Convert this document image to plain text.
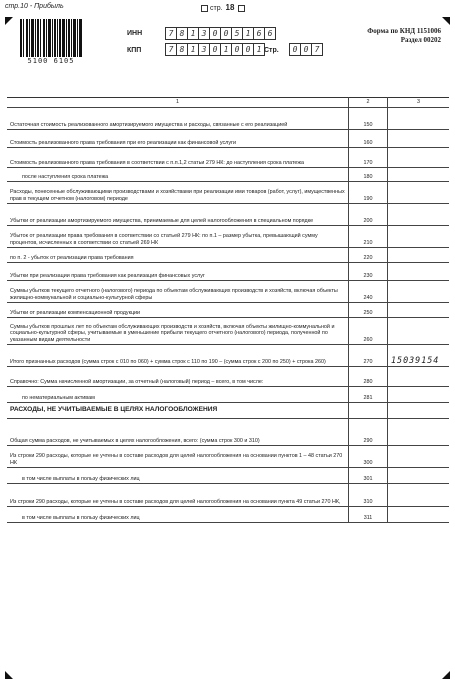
стр.10 - Прибыль	стр. 18
5100 6105
ИНН	7 8 1 3 0 0 5 1 6 6
КПП	7 8 1 3 0 1 0 0 1 Стр.	0 0 7
Форма по КНД 1151006
Раздел 00202
1	2	3
Остаточная стоимость реализованного амортизируемого имущества и расходы, связанные с его реализацией	150	
Стоимость реализованного права требования при его реализации как финансовой услуги	160	
Стоимость реализованного права требования в соответствии с п.п.1,2 статьи 279 НК: до наступления срока платежа	170	
после наступления срока платежа	180	
Расходы, понесенные обслуживающими производствами и хозяйствами при реализации ими товаров (работ, услуг), имущественных прав в текущем отчетном (налоговом) периоде	190	
Убытки от реализации амортизируемого имущества, принимаемые для целей налогообложения в специальном порядке	200	
Убыток от реализации права требования в соответствии со статьей 279 НК: по п.1 – размер убытка, превышающий сумму процентов, исчисленных в соответствии со статьей 269 НК	210	
по п. 2 - убыток от реализации права требования	220	
Убытки при реализации права требования как реализация финансовых услуг	230	
Суммы убытков текущего отчетного (налогового) периода по объектам обслуживающих производств и хозяйств, включая объекты жилищно-коммунальной и социально-культурной сферы	240	
Убытки от реализации компенсационной продукции	250	
Суммы убытков прошлых лет по объектам обслуживающих производств и хозяйств, включая объекты жилищно-коммунальной и социально-культурной сферы, учитываемые в уменьшение прибыли текущего отчетного (налогового) периода, полученной по указанным видам деятельности	260	
Итого признанных расходов (сумма строк с 010 по 060) + сумма строк с 110 по 190 – (сумма строк с 200 по 250) + строка 260)	270	15039154
Справочно: Сумма начисленной амортизации, за отчетный (налоговый) период – всего, в том числе:	280	
по нематериальным активам	281	
РАСХОДЫ, НЕ УЧИТЫВАЕМЫЕ В ЦЕЛЯХ НАЛОГООБЛОЖЕНИЯ		
Общая сумма расходов, не учитываемых в целях налогообложения, всего: (сумма строк 300 и 310)	290	
Из строки 290 расходы, которые не учтены в составе расходов для целей налогообложения на основании пунктов 1 – 48 статьи 270 НК	300	
в том числе выплаты в пользу физических лиц	301	
Из строки 290 расходы, которые не учтены в составе расходов для целей налогообложения на основании пункта 49 статьи 270 НК,	310	
в том числе выплаты в пользу физических лиц	311	
